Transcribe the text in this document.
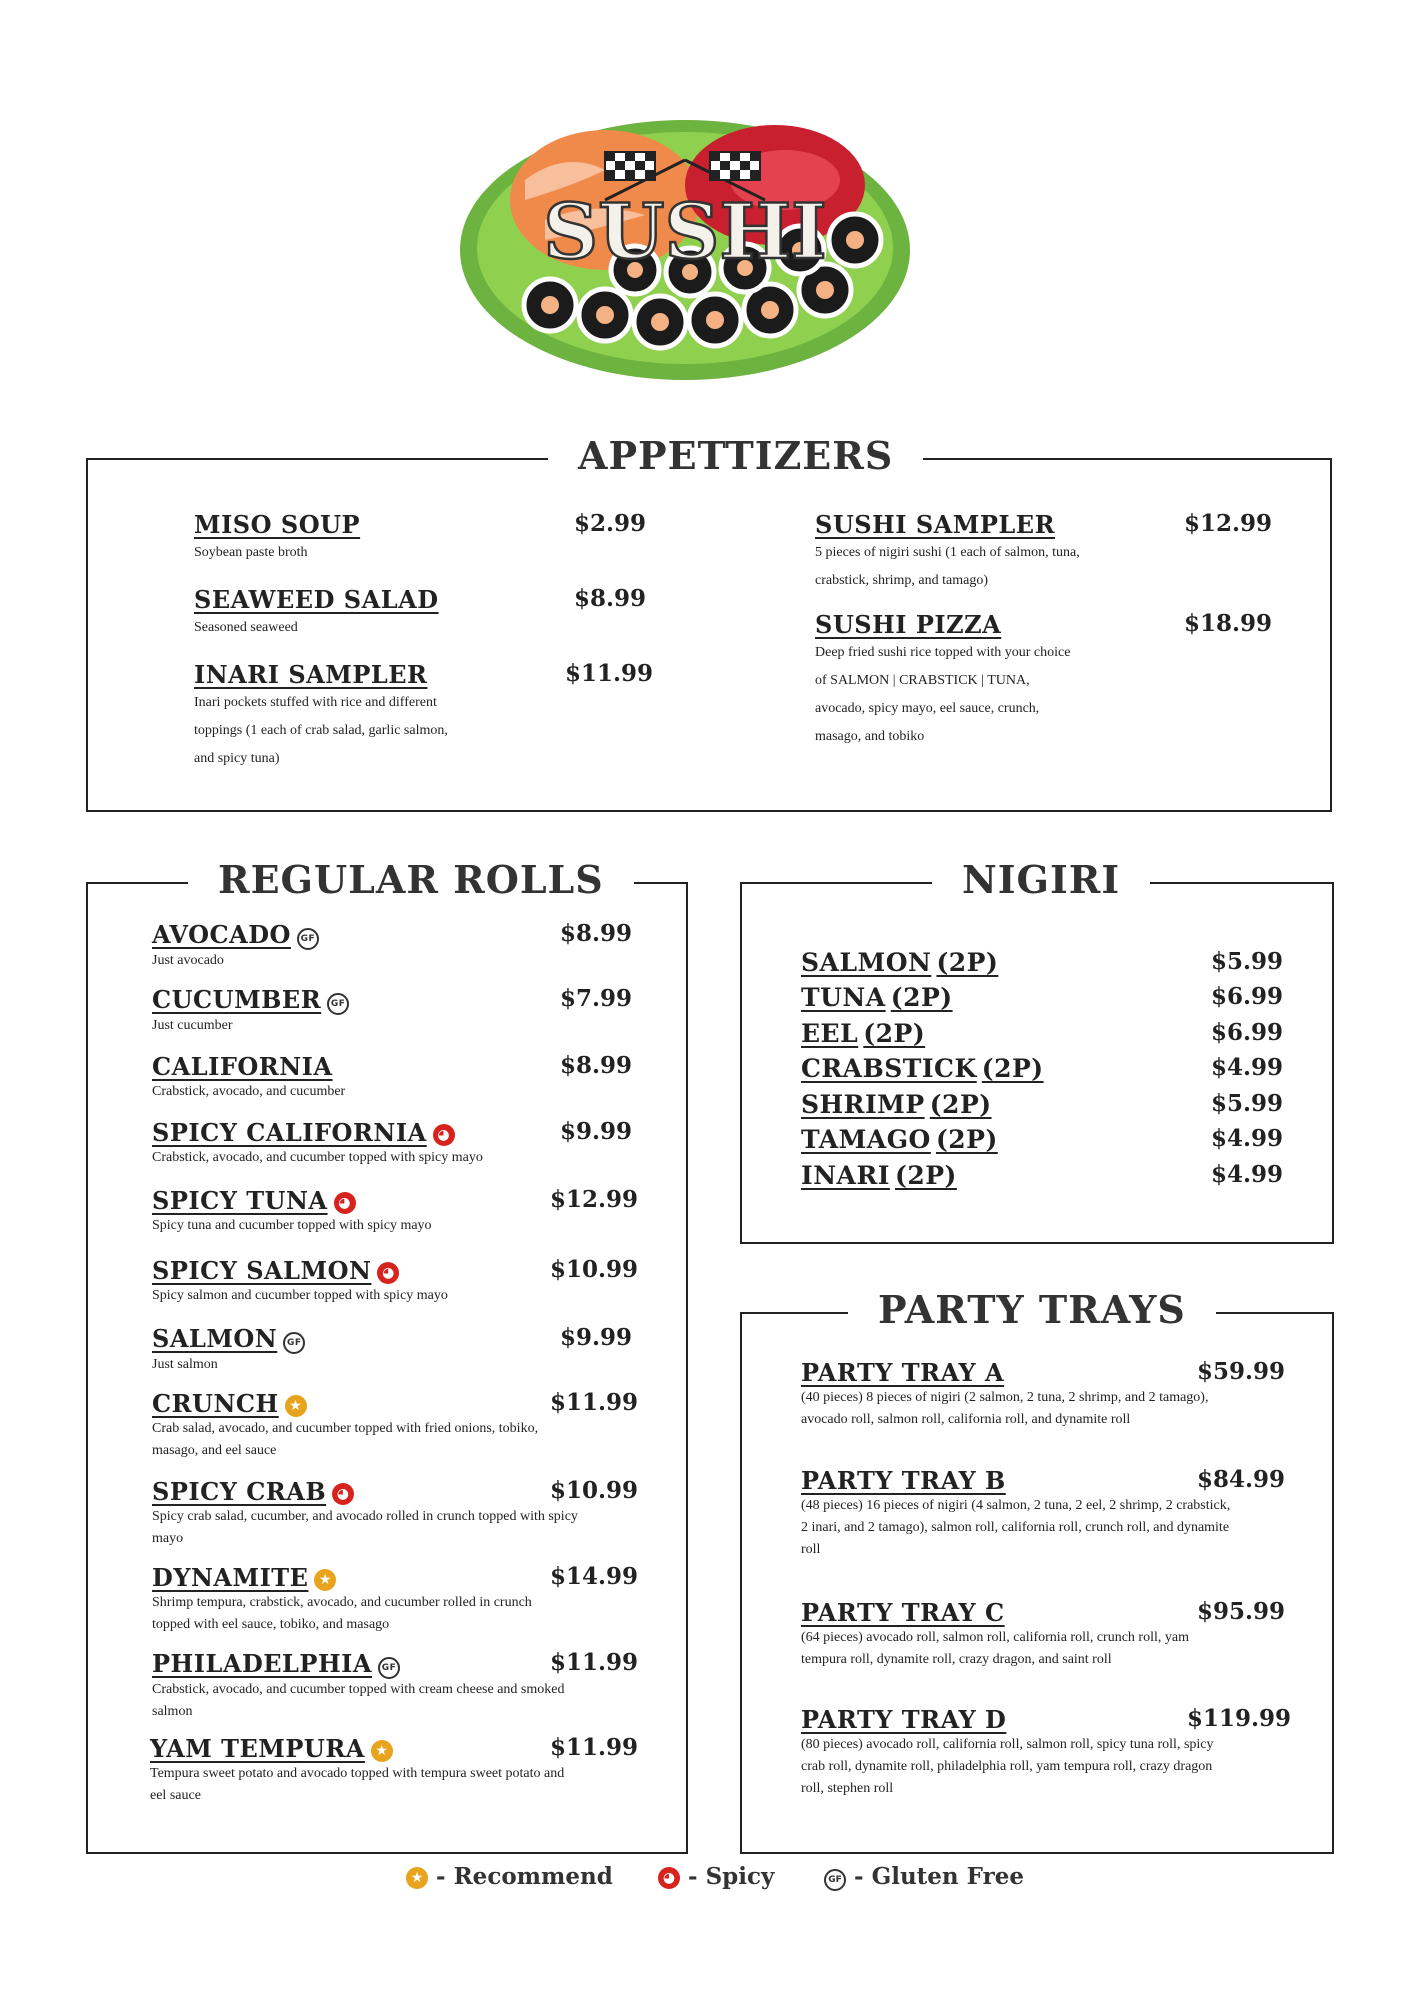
SUSHI
APPETTIZERS
MISO SOUP	$2.99
Soybean paste broth
SEAWEED SALAD	$8.99
Seasoned seaweed
INARI SAMPLER	$11.99
Inari pockets stuffed with rice and different
toppings (1 each of crab salad, garlic salmon,
and spicy tuna)
SUSHI SAMPLER	$12.99
5 pieces of nigiri sushi (1 each of salmon, tuna,
crabstick, shrimp, and tamago)
SUSHI PIZZA	$18.99
Deep fried sushi rice topped with your choice
of SALMON | CRABSTICK | TUNA,
avocado, spicy mayo, eel sauce, crunch,
masago, and tobiko
REGULAR ROLLS
AVOCADO GF	$8.99
Just avocado
CUCUMBER GF	$7.99
Just cucumber
CALIFORNIA	$8.99
Crabstick, avocado, and cucumber
SPICY CALIFORNIA ◕	$9.99
Crabstick, avocado, and cucumber topped with spicy mayo
SPICY TUNA ◕	$12.99
Spicy tuna and cucumber topped with spicy mayo
SPICY SALMON ◕	$10.99
Spicy salmon and cucumber topped with spicy mayo
SALMON GF	$9.99
Just salmon
CRUNCH ★	$11.99
Crab salad, avocado, and cucumber topped with fried onions, tobiko,
masago, and eel sauce
SPICY CRAB ◕	$10.99
Spicy crab salad, cucumber, and avocado rolled in crunch topped with spicy
mayo
DYNAMITE ★	$14.99
Shrimp tempura, crabstick, avocado, and cucumber rolled in crunch
topped with eel sauce, tobiko, and masago
PHILADELPHIA GF	$11.99
Crabstick, avocado, and cucumber topped with cream cheese and smoked
salmon
YAM TEMPURA ★	$11.99
Tempura sweet potato and avocado topped with tempura sweet potato and
eel sauce
NIGIRI
SALMON (2P)	$5.99
TUNA (2P)	$6.99
EEL (2P)	$6.99
CRABSTICK (2P)	$4.99
SHRIMP (2P)	$5.99
TAMAGO (2P)	$4.99
INARI (2P)	$4.99
PARTY TRAYS
PARTY TRAY A	$59.99
(40 pieces) 8 pieces of nigiri (2 salmon, 2 tuna, 2 shrimp, and 2 tamago),
avocado roll, salmon roll, california roll, and dynamite roll
PARTY TRAY B	$84.99
(48 pieces) 16 pieces of nigiri (4 salmon, 2 tuna, 2 eel, 2 shrimp, 2 crabstick,
2 inari, and 2 tamago), salmon roll, california roll, crunch roll, and dynamite
roll
PARTY TRAY C	$95.99
(64 pieces) avocado roll, salmon roll, california roll, crunch roll, yam
tempura roll, dynamite roll, crazy dragon, and saint roll
PARTY TRAY D	$119.99
(80 pieces) avocado roll, california roll, salmon roll, spicy tuna roll, spicy
crab roll, dynamite roll, philadelphia roll, yam tempura roll, crazy dragon
roll, stephen roll
★ - Recommend	◕ - Spicy	GF - Gluten Free
